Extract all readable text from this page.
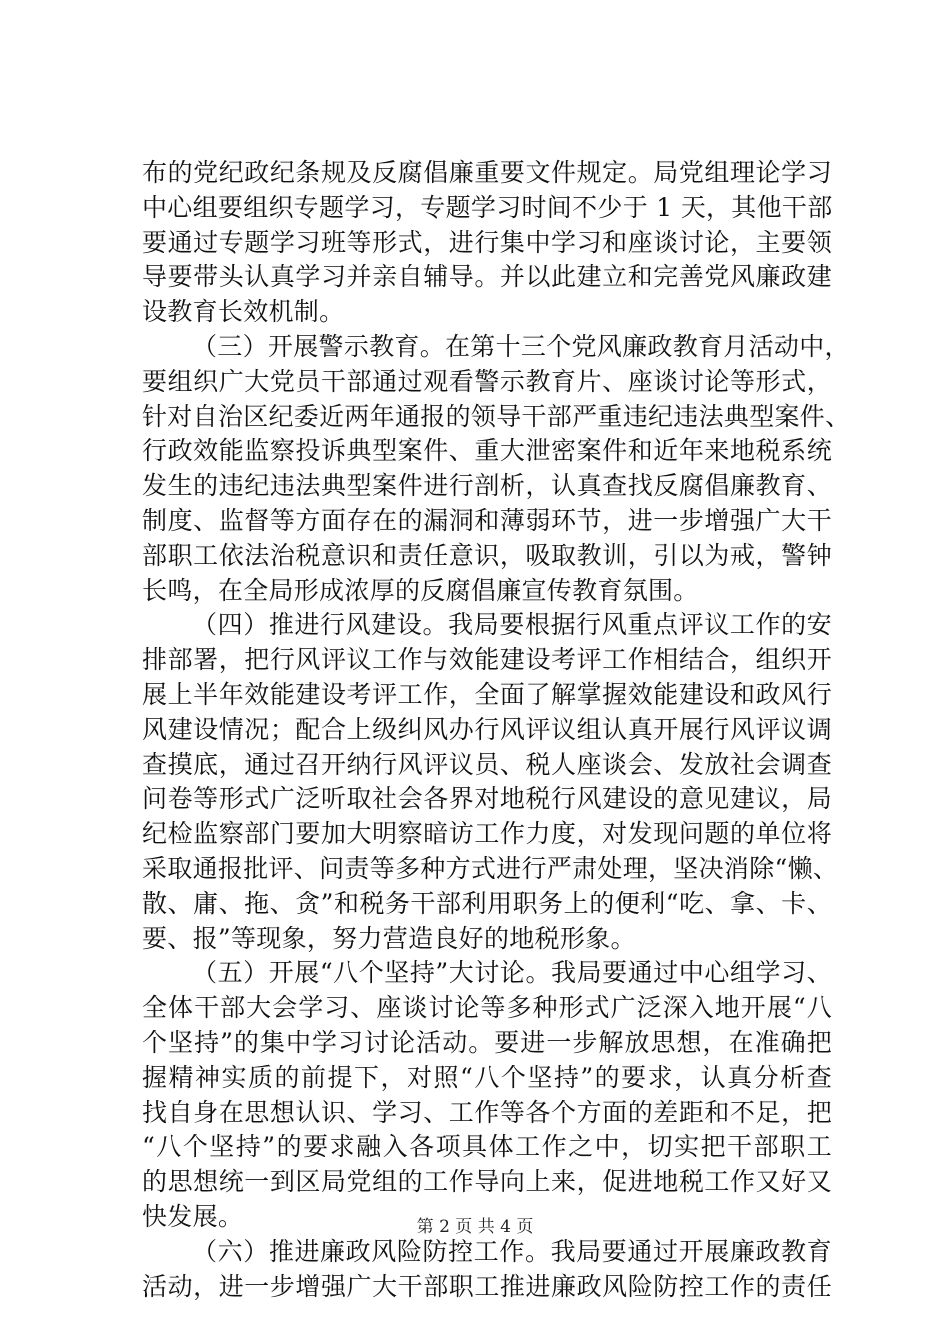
布的党纪政纪条规及反腐倡廉重要文件规定。局党组理论学习
中心组要组织专题学习，专题学习时间不少于 1 天，其他干部
要通过专题学习班等形式，进行集中学习和座谈讨论，主要领
导要带头认真学习并亲自辅导。并以此建立和完善党风廉政建
设教育长效机制。
（三）开展警示教育。在第十三个党风廉政教育月活动中，
要组织广大党员干部通过观看警示教育片、座谈讨论等形式，
针对自治区纪委近两年通报的领导干部严重违纪违法典型案件、
行政效能监察投诉典型案件、重大泄密案件和近年来地税系统
发生的违纪违法典型案件进行剖析，认真查找反腐倡廉教育、
制度、监督等方面存在的漏洞和薄弱环节，进一步增强广大干
部职工依法治税意识和责任意识，吸取教训，引以为戒，警钟
长鸣，在全局形成浓厚的反腐倡廉宣传教育氛围。
（四）推进行风建设。我局要根据行风重点评议工作的安
排部署，把行风评议工作与效能建设考评工作相结合，组织开
展上半年效能建设考评工作，全面了解掌握效能建设和政风行
风建设情况；配合上级纠风办行风评议组认真开展行风评议调
查摸底，通过召开纳行风评议员、税人座谈会、发放社会调查
问卷等形式广泛听取社会各界对地税行风建设的意见建议，局
纪检监察部门要加大明察暗访工作力度，对发现问题的单位将
采取通报批评、问责等多种方式进行严肃处理，坚决消除“懒、
散、庸、拖、贪”和税务干部利用职务上的便利“吃、拿、卡、
要、报”等现象，努力营造良好的地税形象。
（五）开展“八个坚持”大讨论。我局要通过中心组学习、
全体干部大会学习、座谈讨论等多种形式广泛深入地开展“八
个坚持”的集中学习讨论活动。要进一步解放思想，在准确把
握精神实质的前提下，对照“八个坚持”的要求，认真分析查
找自身在思想认识、学习、工作等各个方面的差距和不足，把
“八个坚持”的要求融入各项具体工作之中，切实把干部职工
的思想统一到区局党组的工作导向上来，促进地税工作又好又
快发展。
（六）推进廉政风险防控工作。我局要通过开展廉政教育
活动，进一步增强广大干部职工推进廉政风险防控工作的责任
第 2 页 共 4 页
